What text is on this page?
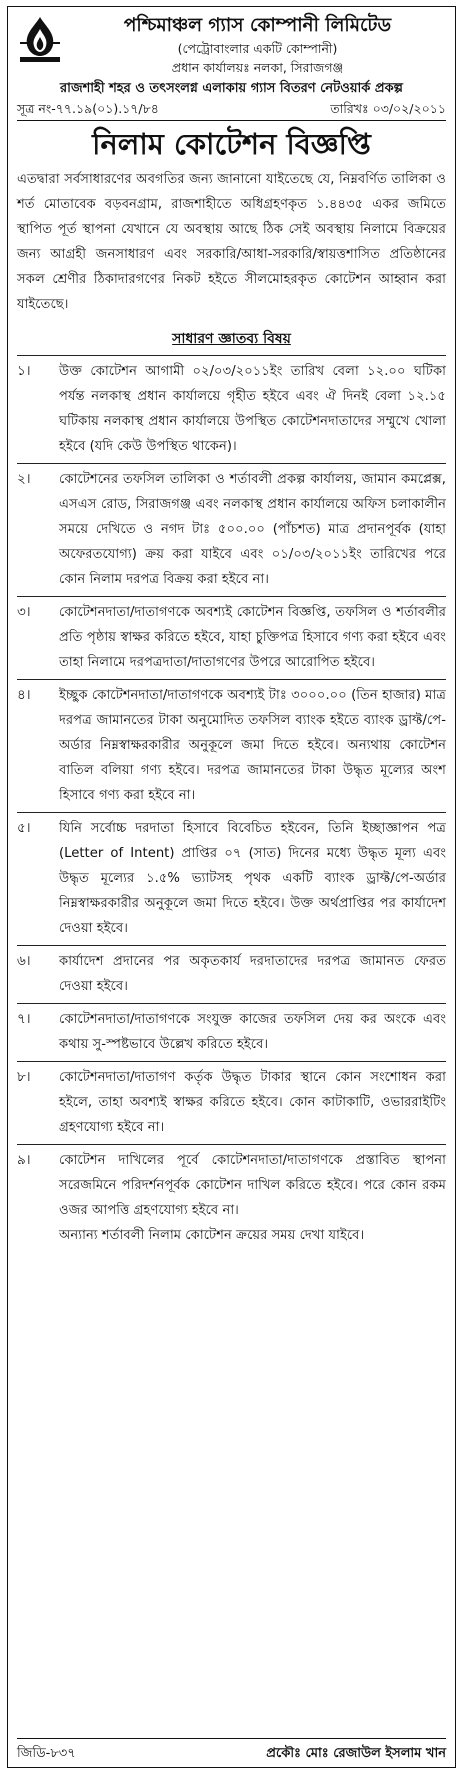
পশ্চিমাঞ্চল গ্যাস কোম্পানী লিমিটেড
(পেট্রোবাংলার একটি কোম্পানী)
প্রধান কার্যালয়ঃ নলকা, সিরাজগঞ্জ
রাজশাহী শহর ও তৎসংলগ্ন এলাকায় গ্যাস বিতরণ নেটওয়ার্ক প্রকল্প
সূত্র নং-৭৭.১৯(০১).১৭/৮৪	তারিখঃ ০৩/০২/২০১১
নিলাম কোটেশন বিজ্ঞপ্তি

এতদ্বারা সর্বসাধারণের অবগতির জন্য জানানো যাইতেছে যে, নিম্নবর্ণিত তালিকা ও শর্ত মোতাবেক বড়বনগ্রাম, রাজশাহীতে অধিগ্রহণকৃত ১.৪৪৩৫ একর জমিতে স্থাপিত পূর্ত স্থাপনা যেখানে যে অবস্থায় আছে ঠিক সেই অবস্থায় নিলামে বিক্রয়ের জন্য আগ্রহী জনসাধারণ এবং সরকারি/আধা-সরকারি/স্বায়ত্তশাসিত প্রতিষ্ঠানের সকল শ্রেণীর ঠিকাদারগণের নিকট হইতে সীলমোহরকৃত কোটেশন আহ্বান করা যাইতেছে।

সাধারণ জ্ঞাতব্য বিষয়
১।	উক্ত কোটেশন আগামী ০২/০৩/২০১১ইং তারিখ বেলা ১২.০০ ঘটিকা পর্যন্ত নলকাস্থ প্রধান কার্যালয়ে গৃহীত হইবে এবং ঐ দিনই বেলা ১২.১৫ ঘটিকায় নলকাস্থ প্রধান কার্যালয়ে উপস্থিত কোটেশনদাতাদের সম্মুখে খোলা হইবে (যদি কেউ উপস্থিত থাকেন)।

২।	কোটেশনের তফসিল তালিকা ও শর্তাবলী প্রকল্প কার্যালয়, জামান কমপ্লেক্স, এসএস রোড, সিরাজগঞ্জ এবং নলকাস্থ প্রধান কার্যালয়ে অফিস চলাকালীন সময়ে দেখিতে ও নগদ টাঃ ৫০০.০০ (পাঁচশত) মাত্র প্রদানপূর্বক (যাহা অফেরতযোগ্য) ক্রয় করা যাইবে এবং ০১/০৩/২০১১ইং তারিখের পরে কোন নিলাম দরপত্র বিক্রয় করা হইবে না।

৩।	কোটেশনদাতা/দাতাগণকে অবশ্যই কোটেশন বিজ্ঞপ্তি, তফসিল ও শর্তাবলীর প্রতি পৃষ্ঠায় স্বাক্ষর করিতে হইবে, যাহা চুক্তিপত্র হিসাবে গণ্য করা হইবে এবং তাহা নিলামে দরপত্রদাতা/দাতাগণের উপরে আরোপিত হইবে।

৪।	ইচ্ছুক কোটেশনদাতা/দাতাগণকে অবশ্যই টাঃ ৩০০০.০০ (তিন হাজার) মাত্র দরপত্র জামানতের টাকা অনুমোদিত তফসিল ব্যাংক হইতে ব্যাংক ড্রাফ্ট/পে-অর্ডার নিম্নস্বাক্ষরকারীর অনুকূলে জমা দিতে হইবে। অন্যথায় কোটেশন বাতিল বলিয়া গণ্য হইবে। দরপত্র জামানতের টাকা উদ্ধৃত মূল্যের অংশ হিসাবে গণ্য করা হইবে না।

৫।	যিনি সর্বোচ্চ দরদাতা হিসাবে বিবেচিত হইবেন, তিনি ইচ্ছাজ্ঞাপন পত্র (Letter of Intent) প্রাপ্তির ০৭ (সাত) দিনের মধ্যে উদ্ধৃত মূল্য এবং উদ্ধৃত মূল্যের ১.৫% ভ্যাটসহ পৃথক একটি ব্যাংক ড্রাফ্ট/পে-অর্ডার নিম্নস্বাক্ষরকারীর অনুকূলে জমা দিতে হইবে। উক্ত অর্থপ্রাপ্তির পর কার্যাদেশ দেওয়া হইবে।

৬।	কার্যাদেশ প্রদানের পর অকৃতকার্য দরদাতাদের দরপত্র জামানত ফেরত দেওয়া হইবে।

৭।	কোটেশনদাতা/দাতাগণকে সংযুক্ত কাজের তফসিল দেয় কর অংকে এবং কথায় সু-স্পষ্টভাবে উল্লেখ করিতে হইবে।

৮।	কোটেশনদাতা/দাতাগণ কর্তৃক উদ্ধৃত টাকার স্থানে কোন সংশোধন করা হইলে, তাহা অবশ্যই স্বাক্ষর করিতে হইবে। কোন কাটাকাটি, ওভাররাইটিং গ্রহণযোগ্য হইবে না।

৯।	কোটেশন দাখিলের পূর্বে কোটেশনদাতা/দাতাগণকে প্রস্তাবিত স্থাপনা সরেজমিনে পরিদর্শনপূর্বক কোটেশন দাখিল করিতে হইবে। পরে কোন রকম ওজর আপত্তি গ্রহণযোগ্য হইবে না।

অন্যান্য শর্তাবলী নিলাম কোটেশন ক্রয়ের সময় দেখা যাইবে।

জিডি-৮৩৭	প্রকৌঃ মোঃ রেজাউল ইসলাম খান
